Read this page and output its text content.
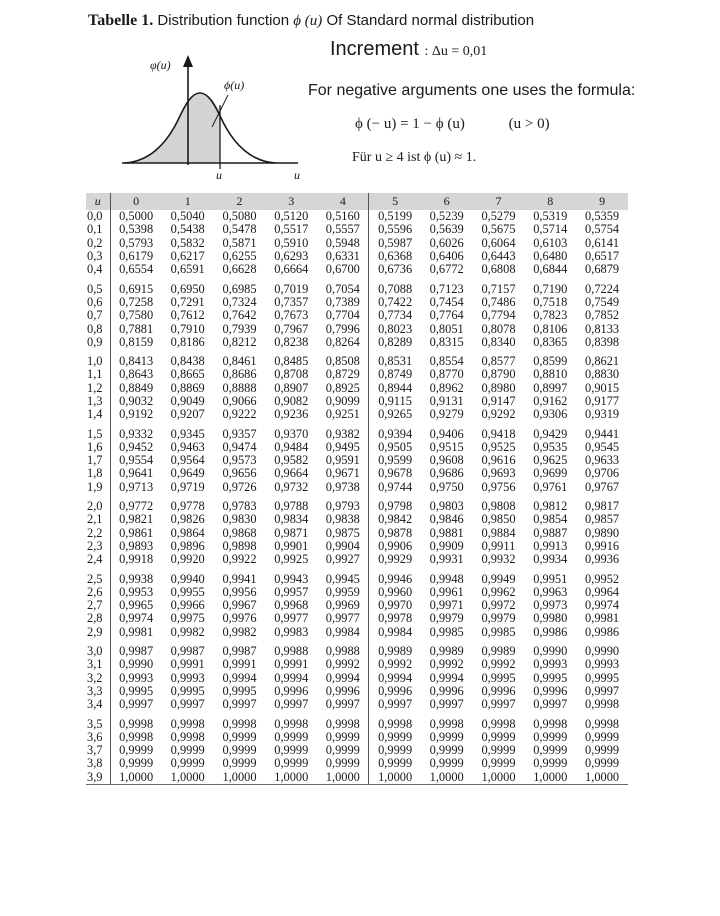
Tabelle 1. Distribution function ϕ (u) Of Standard normal distribution
Increment : Δu = 0,01
For negative arguments one uses the formula:
ϕ (− u) = 1 − ϕ (u)	(u > 0)
Für u ≥ 4 ist ϕ (u) ≈ 1.
φ(u)
ϕ(u)
u	u
u	0	1	2	3	4	5	6	7	8	9
0,0	0,5000	0,5040	0,5080	0,5120	0,5160	0,5199	0,5239	0,5279	0,5319	0,5359
0,1	0,5398	0,5438	0,5478	0,5517	0,5557	0,5596	0,5639	0,5675	0,5714	0,5754
0,2	0,5793	0,5832	0,5871	0,5910	0,5948	0,5987	0,6026	0,6064	0,6103	0,6141
0,3	0,6179	0,6217	0,6255	0,6293	0,6331	0,6368	0,6406	0,6443	0,6480	0,6517
0,4	0,6554	0,6591	0,6628	0,6664	0,6700	0,6736	0,6772	0,6808	0,6844	0,6879

0,5	0,6915	0,6950	0,6985	0,7019	0,7054	0,7088	0,7123	0,7157	0,7190	0,7224
0,6	0,7258	0,7291	0,7324	0,7357	0,7389	0,7422	0,7454	0,7486	0,7518	0,7549
0,7	0,7580	0,7612	0,7642	0,7673	0,7704	0,7734	0,7764	0,7794	0,7823	0,7852
0,8	0,7881	0,7910	0,7939	0,7967	0,7996	0,8023	0,8051	0,8078	0,8106	0,8133
0,9	0,8159	0,8186	0,8212	0,8238	0,8264	0,8289	0,8315	0,8340	0,8365	0,8398

1,0	0,8413	0,8438	0,8461	0,8485	0,8508	0,8531	0,8554	0,8577	0,8599	0,8621
1,1	0,8643	0,8665	0,8686	0,8708	0,8729	0,8749	0,8770	0,8790	0,8810	0,8830
1,2	0,8849	0,8869	0,8888	0,8907	0,8925	0,8944	0,8962	0,8980	0,8997	0,9015
1,3	0,9032	0,9049	0,9066	0,9082	0,9099	0,9115	0,9131	0,9147	0,9162	0,9177
1,4	0,9192	0,9207	0,9222	0,9236	0,9251	0,9265	0,9279	0,9292	0,9306	0,9319

1,5	0,9332	0,9345	0,9357	0,9370	0,9382	0,9394	0,9406	0,9418	0,9429	0,9441
1,6	0,9452	0,9463	0,9474	0,9484	0,9495	0,9505	0,9515	0,9525	0,9535	0,9545
1,7	0,9554	0,9564	0,9573	0,9582	0,9591	0,9599	0,9608	0,9616	0,9625	0,9633
1,8	0,9641	0,9649	0,9656	0,9664	0,9671	0,9678	0,9686	0,9693	0,9699	0,9706
1,9	0,9713	0,9719	0,9726	0,9732	0,9738	0,9744	0,9750	0,9756	0,9761	0,9767

2,0	0,9772	0,9778	0,9783	0,9788	0,9793	0,9798	0,9803	0,9808	0,9812	0,9817
2,1	0,9821	0,9826	0,9830	0,9834	0,9838	0,9842	0,9846	0,9850	0,9854	0,9857
2,2	0,9861	0,9864	0,9868	0,9871	0,9875	0,9878	0,9881	0,9884	0,9887	0,9890
2,3	0,9893	0,9896	0,9898	0,9901	0,9904	0,9906	0,9909	0,9911	0,9913	0,9916
2,4	0,9918	0,9920	0,9922	0,9925	0,9927	0,9929	0,9931	0,9932	0,9934	0,9936

2,5	0,9938	0,9940	0,9941	0,9943	0,9945	0,9946	0,9948	0,9949	0,9951	0,9952
2,6	0,9953	0,9955	0,9956	0,9957	0,9959	0,9960	0,9961	0,9962	0,9963	0,9964
2,7	0,9965	0,9966	0,9967	0,9968	0,9969	0,9970	0,9971	0,9972	0,9973	0,9974
2,8	0,9974	0,9975	0,9976	0,9977	0,9977	0,9978	0,9979	0,9979	0,9980	0,9981
2,9	0,9981	0,9982	0,9982	0,9983	0,9984	0,9984	0,9985	0,9985	0,9986	0,9986

3,0	0,9987	0,9987	0,9987	0,9988	0,9988	0,9989	0,9989	0,9989	0,9990	0,9990
3,1	0,9990	0,9991	0,9991	0,9991	0,9992	0,9992	0,9992	0,9992	0,9993	0,9993
3,2	0,9993	0,9993	0,9994	0,9994	0,9994	0,9994	0,9994	0,9995	0,9995	0,9995
3,3	0,9995	0,9995	0,9995	0,9996	0,9996	0,9996	0,9996	0,9996	0,9996	0,9997
3,4	0,9997	0,9997	0,9997	0,9997	0,9997	0,9997	0,9997	0,9997	0,9997	0,9998

3,5	0,9998	0,9998	0,9998	0,9998	0,9998	0,9998	0,9998	0,9998	0,9998	0,9998
3,6	0,9998	0,9998	0,9999	0,9999	0,9999	0,9999	0,9999	0,9999	0,9999	0,9999
3,7	0,9999	0,9999	0,9999	0,9999	0,9999	0,9999	0,9999	0,9999	0,9999	0,9999
3,8	0,9999	0,9999	0,9999	0,9999	0,9999	0,9999	0,9999	0,9999	0,9999	0,9999
3,9	1,0000	1,0000	1,0000	1,0000	1,0000	1,0000	1,0000	1,0000	1,0000	1,0000
